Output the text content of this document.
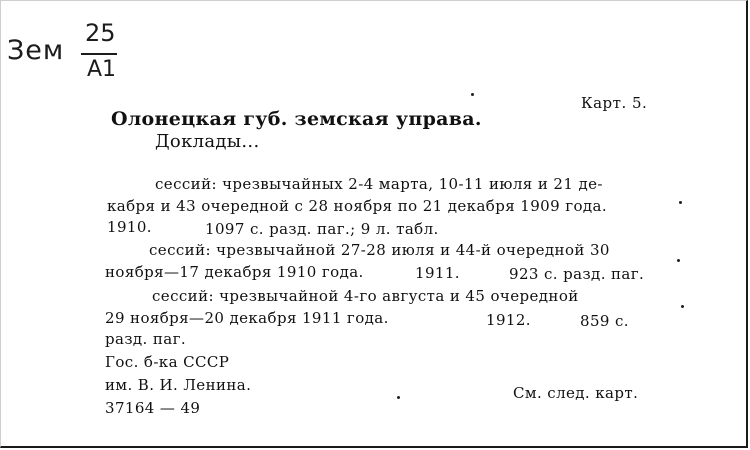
Зем
25
А1
Карт. 5.
Олонецкая губ. земская управа.
Доклады...
сессий: чрезвычайных 2-4 марта, 10-11 июля и 21 де-
кабря и 43 очередной с 28 ноября по 21 декабря 1909 года.
1910.	1097 с. разд. паг.; 9 л. табл.
сессий: чрезвычайной 27-28 июля и 44-й очередной 30
ноября—17 декабря 1910 года.	1911.	923 с. разд. паг.
сессий: чрезвычайной 4-го августа и 45 очередной
29 ноября—20 декабря 1911 года.	1912.	859 с.
разд. паг.
Гос. б-ка СССР
им. В. И. Ленина.
37164 — 49
См. след. карт.
